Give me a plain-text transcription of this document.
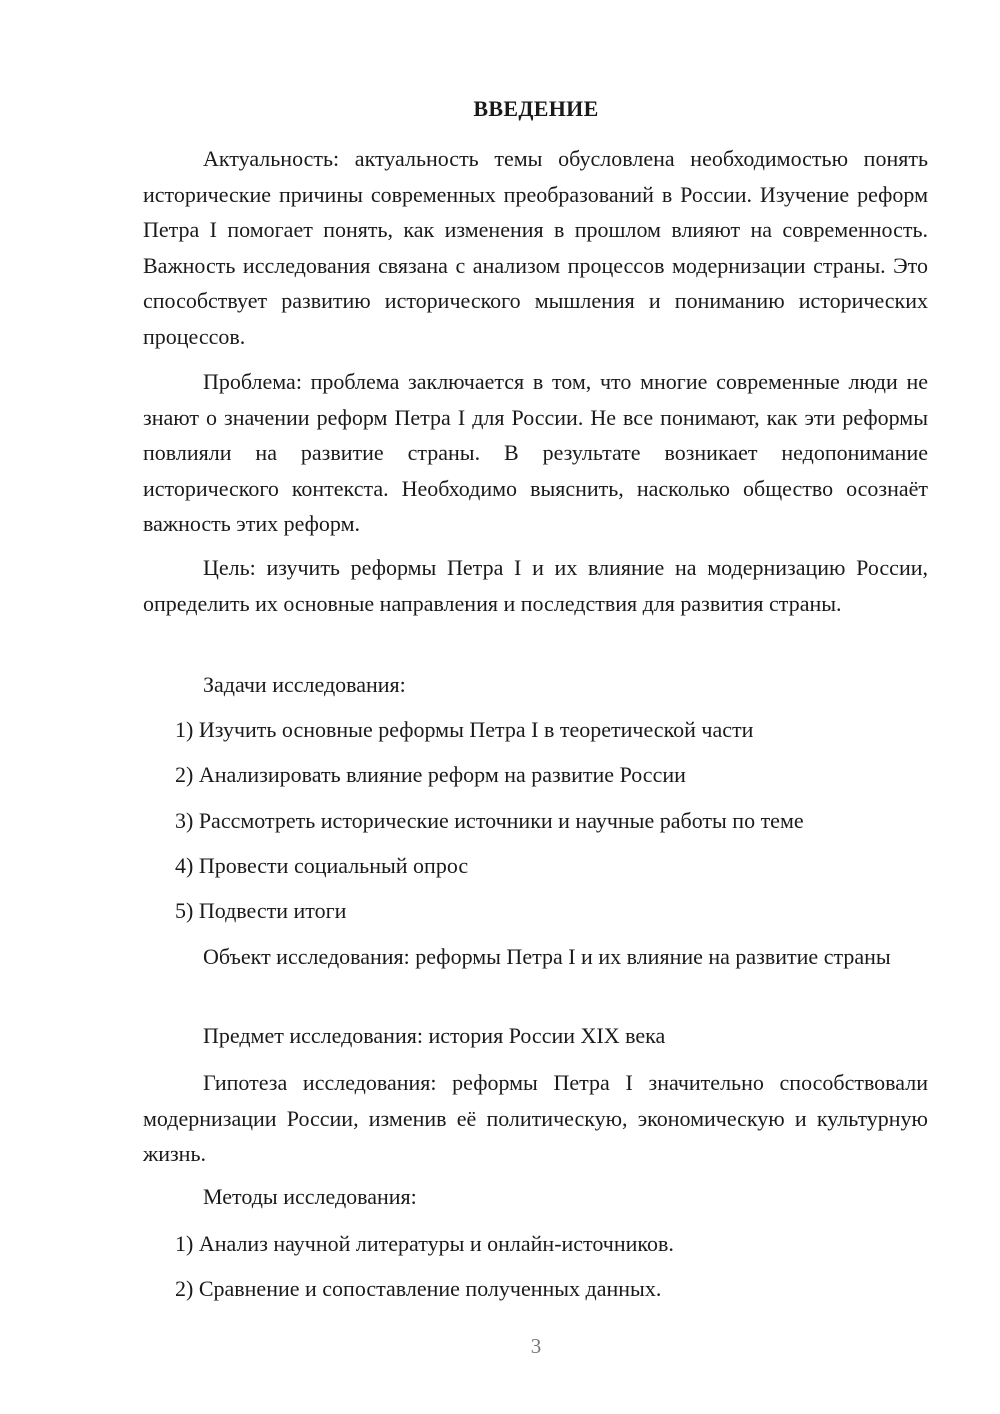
ВВЕДЕНИЕ

Актуальность: актуальность темы обусловлена необходимостью понять исторические причины современных преобразований в России. Изучение реформ Петра I помогает понять, как изменения в прошлом влияют на современность. Важность исследования связана с анализом процессов модернизации страны. Это способствует развитию исторического мышления и пониманию исторических процессов.

Проблема: проблема заключается в том, что многие современные люди не знают о значении реформ Петра I для России. Не все понимают, как эти реформы повлияли на развитие страны. В результате возникает недопонимание исторического контекста. Необходимо выяснить, насколько общество осознаёт важность этих реформ.

Цель: изучить реформы Петра I и их влияние на модернизацию России, определить их основные направления и последствия для развития страны.

Задачи исследования:
1) Изучить основные реформы Петра I в теоретической части
2) Анализировать влияние реформ на развитие России
3) Рассмотреть исторические источники и научные работы по теме
4) Провести социальный опрос
5) Подвести итоги

Объект исследования: реформы Петра I и их влияние на развитие страны

Предмет исследования: история России XIX века

Гипотеза исследования: реформы Петра I значительно способствовали модернизации России, изменив её политическую, экономическую и культурную жизнь.

Методы исследования:
1) Анализ научной литературы и онлайн-источников.
2) Сравнение и сопоставление полученных данных.
3
